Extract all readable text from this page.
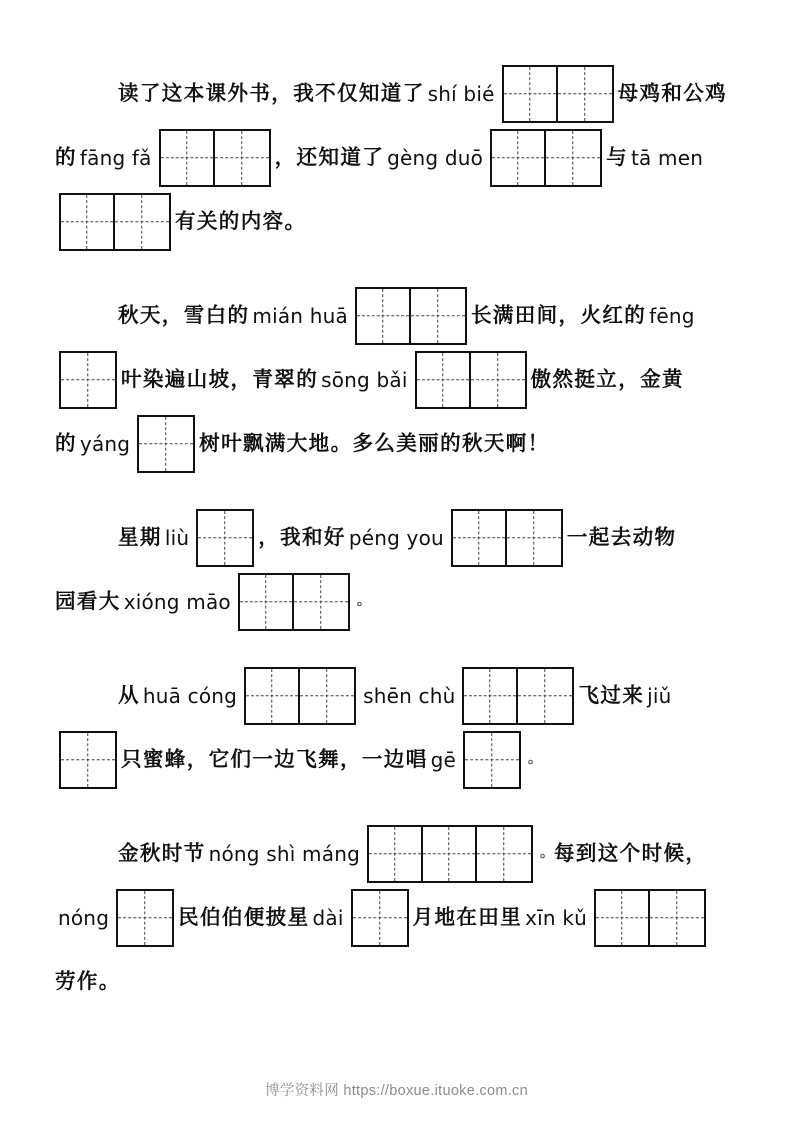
读了这本课外书，我不仅知道了 shí bié	母鸡和公鸡
的 fāng fǎ	，还知道了 gèng duō	与 tā men
有关的内容。
秋天，雪白的 mián huā	长满田间，火红的 fēng
叶染遍山坡，青翠的 sōng bǎi	傲然挺立，金黄
的 yáng	树叶飘满大地。多么美丽的秋天啊！
星期 liù	，我和好 péng you	一起去动物
园看大 xióng māo	。
从 huā cóng	shēn chù	飞过来 jiǔ
只蜜蜂，它们一边飞舞，一边唱 gē	。
金秋时节 nóng shì máng	。 每到这个时候，
nóng	民伯伯便披星 dài	月地在田里 xīn kǔ
劳作。
博学资料网 https://boxue.ituoke.com.cn
